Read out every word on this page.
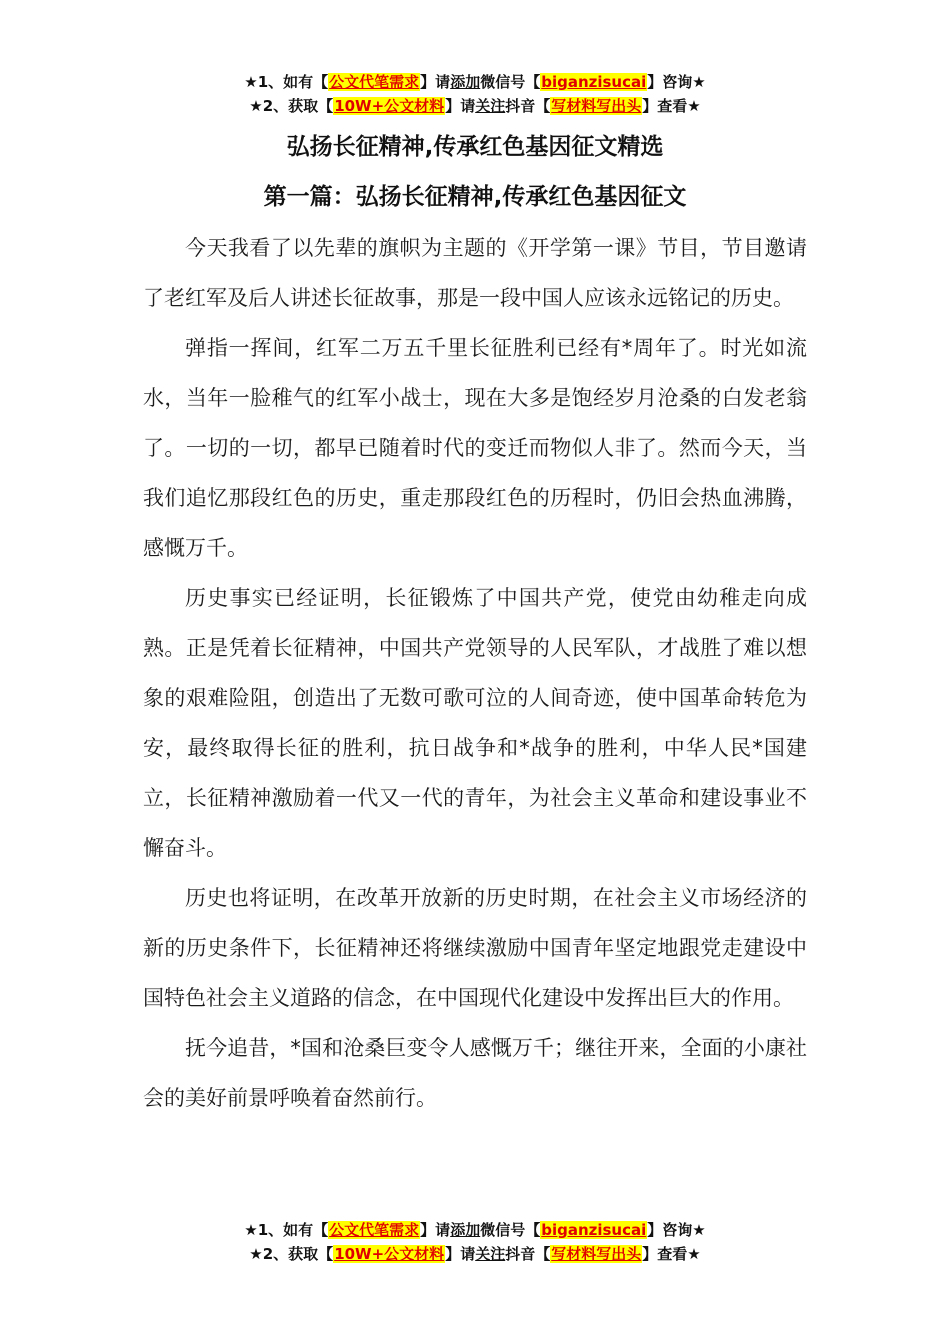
★1、如有【公文代笔需求】请添加微信号【biganzisucai】咨询★
★2、获取【10W+公文材料】请关注抖音【写材料写出头】查看★
弘扬长征精神,传承红色基因征文精选
第一篇：弘扬长征精神,传承红色基因征文

今天我看了以先辈的旗帜为主题的《开学第一课》节目，节目邀请了老红军及后人讲述长征故事，那是一段中国人应该永远铭记的历史。

弹指一挥间，红军二万五千里长征胜利已经有*周年了。时光如流水，当年一脸稚气的红军小战士，现在大多是饱经岁月沧桑的白发老翁了。一切的一切，都早已随着时代的变迁而物似人非了。然而今天，当我们追忆那段红色的历史，重走那段红色的历程时，仍旧会热血沸腾，感慨万千。

历史事实已经证明，长征锻炼了中国共产党，使党由幼稚走向成熟。正是凭着长征精神，中国共产党领导的人民军队，才战胜了难以想象的艰难险阻，创造出了无数可歌可泣的人间奇迹，使中国革命转危为安，最终取得长征的胜利，抗日战争和*战争的胜利，中华人民*国建立，长征精神激励着一代又一代的青年，为社会主义革命和建设事业不懈奋斗。

历史也将证明，在改革开放新的历史时期，在社会主义市场经济的新的历史条件下，长征精神还将继续激励中国青年坚定地跟党走建设中国特色社会主义道路的信念，在中国现代化建设中发挥出巨大的作用。

抚今追昔，*国和沧桑巨变令人感慨万千；继往开来，全面的小康社会的美好前景呼唤着奋然前行。

★1、如有【公文代笔需求】请添加微信号【biganzisucai】咨询★
★2、获取【10W+公文材料】请关注抖音【写材料写出头】查看★
